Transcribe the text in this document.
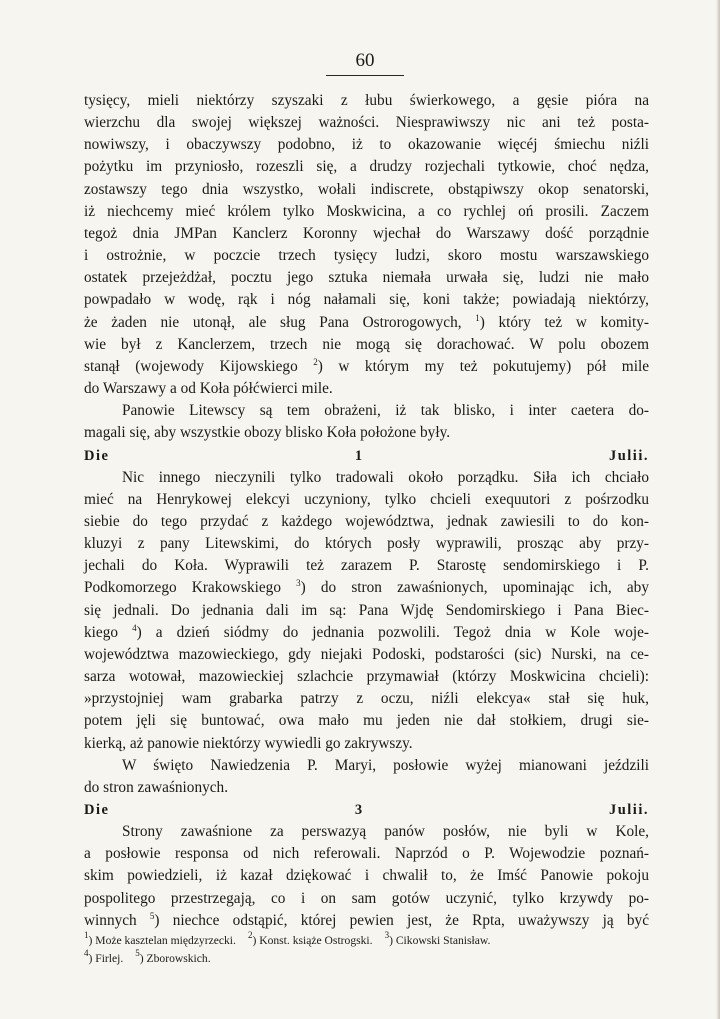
60

tysięcy, mieli niektórzy szyszaki z łubu świerkowego, a gęsie pióra na

wierzchu dla swojej większej ważności. Niesprawiwszy nic ani też posta-

nowiwszy, i obaczywszy podobno, iż to okazowanie więcéj śmiechu niźli

pożytku im przyniosło, rozeszli się, a drudzy rozjechali tytkowie, choć nędza,

zostawszy tego dnia wszystko, wołali indiscrete, obstąpiwszy okop senatorski,

iż niechcemy mieć królem tylko Moskwicina, a co rychlej oń prosili. Zaczem

tegoż dnia JMPan Kanclerz Koronny wjechał do Warszawy dość porządnie

i ostrożnie, w poczcie trzech tysięcy ludzi, skoro mostu warszawskiego

ostatek przejeżdżał, pocztu jego sztuka niemała urwała się, ludzi nie mało

powpadało w wodę, rąk i nóg nałamali się, koni także; powiadają niektórzy,

że żaden nie utonął, ale sług Pana Ostrorogowych, $^1$) który też w komity-

wie był z Kanclerzem, trzech nie mogą się dorachować. W polu obozem

stanął (wojewody Kijowskiego $^2$) w którym my też pokutujemy) pół mile

do Warszawy a od Koła półćwierci mile.

Panowie Litewscy są tem obrażeni, iż tak blisko, i inter caetera do-

magali się, aby wszystkie obozy blisko Koła położone były.

Die 1 Julii.

Nic innego nieczynili tylko tradowali około porządku. Siła ich chciało

mieć na Henrykowej elekcyi uczyniony, tylko chcieli exequutori z pośrzodku

siebie do tego przydać z każdego województwa, jednak zawiesili to do kon-

kluzyi z pany Litewskimi, do których posły wyprawili, prosząc aby przy-

jechali do Koła. Wyprawili też zarazem P. Starostę sendomirskiego i P.

Podkomorzego Krakowskiego $^3$) do stron zawaśnionych, upominając ich, aby

się jednali. Do jednania dali im są: Pana Wjdę Sendomirskiego i Pana Biec-

kiego $^4$) a dzień siódmy do jednania pozwolili. Tegoż dnia w Kole woje-

województwa mazowieckiego, gdy niejaki Podoski, podstarości (sic) Nurski, na ce-

sarza wotował, mazowieckiej szlachcie przymawiał (którzy Moskwicina chcieli):

»przystojniej wam grabarka patrzy z oczu, niźli elekcya« stał się huk,

potem jęli się buntować, owa mało mu jeden nie dał stołkiem, drugi sie-

kierką, aż panowie niektórzy wywiedli go zakrywszy.

W święto Nawiedzenia P. Maryi, posłowie wyżej mianowani jeździli

do stron zawaśnionych.

Die 3 Julii.

Strony zawaśnione za perswazyą panów posłów, nie byli w Kole,

a posłowie responsa od nich referowali. Naprzód o P. Wojewodzie poznań-

skim powiedzieli, iż kazał dziękować i chwalił to, że Imść Panowie pokoju

pospolitego przestrzegają, co i on sam gotów uczynić, tylko krzywdy po-

winnych $^5$) niechce odstąpić, której pewien jest, że Rpta, uważywszy ją być

$^1$) Może kasztelan międzyrzecki. $^2$) Konst. książe Ostrogski. $^3$) Cikowski Stanisław.

$^4$) Firlej. $^5$) Zborowskich.
